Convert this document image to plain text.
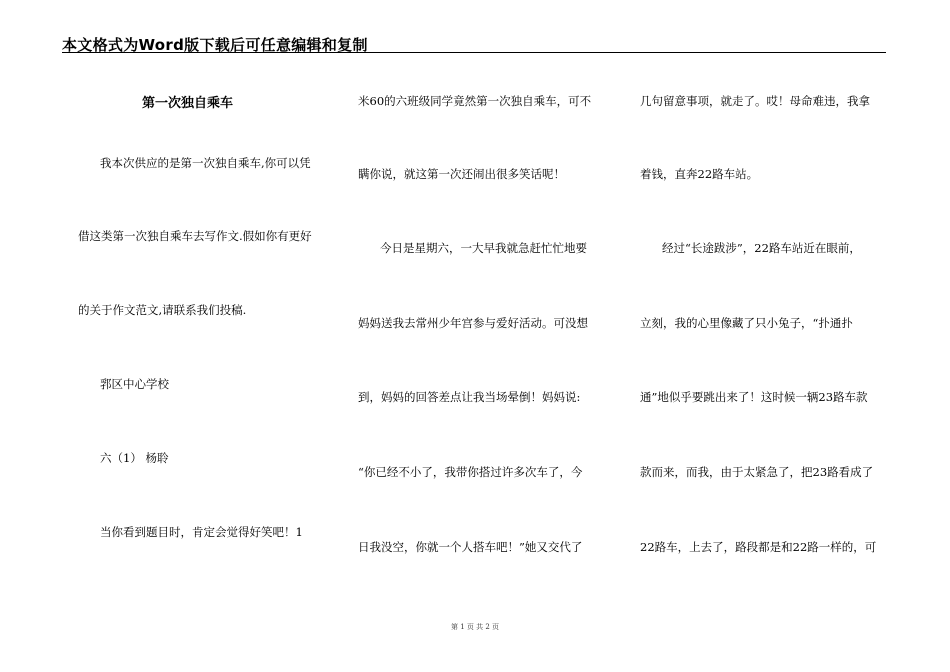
本文格式为Word版下载后可任意编辑和复制
第一次独自乘车
我本次供应的是第一次独自乘车,你可以凭
借这类第一次独自乘车去写作文.假如你有更好
的关于作文范文,请联系我们投稿.
郛区中心学校
六（1） 杨聆
当你看到题目时，肯定会觉得好笑吧！1
米60的六班级同学竟然第一次独自乘车，可不
瞒你说，就这第一次还闹出很多笑话呢！
今日是星期六，一大早我就急赶忙忙地要
妈妈送我去常州少年宫参与爱好活动。可没想
到，妈妈的回答差点让我当场晕倒！妈妈说:
“你已经不小了，我带你搭过许多次车了，今
日我没空，你就一个人搭车吧！”她又交代了
几句留意事项，就走了。哎！母命难违，我拿
着钱，直奔22路车站。
经过“长途跋涉”，22路车站近在眼前，
立刻，我的心里像藏了只小兔子，“扑通扑
通”地似乎要跳出来了！这时候一辆23路车款
款而来，而我，由于太紧急了，把23路看成了
22路车，上去了，路段都是和22路一样的，可
第 1 页 共 2 页
